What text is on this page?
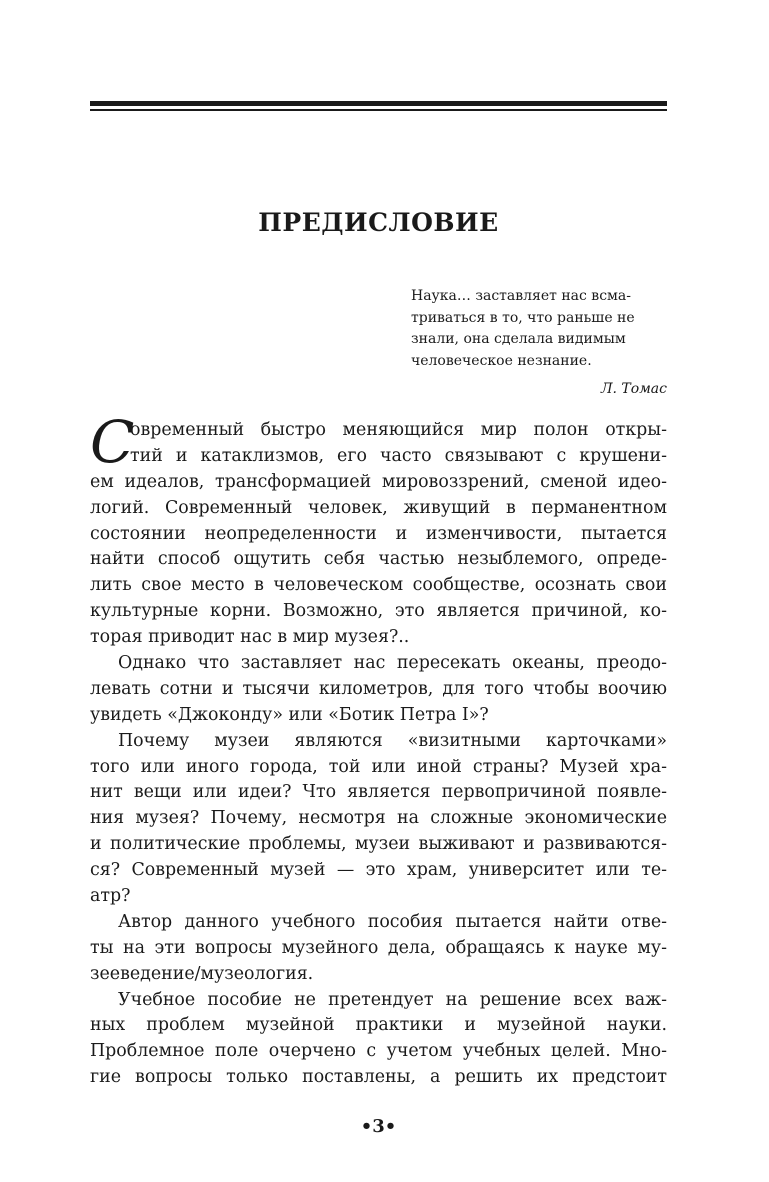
ПРЕДИСЛОВИЕ
Наука… заставляет нас всма-
триваться в то, что раньше не
знали, она сделала видимым
человеческое незнание.
Л. Томас
С
овременный быстро меняющийся мир полон откры-
тий и катаклизмов, его часто связывают с крушени-
ем идеалов, трансформацией мировоззрений, сменой идео-
логий. Современный человек, живущий в перманентном
состоянии неопределенности и изменчивости, пытается
найти способ ощутить себя частью незыблемого, опреде-
лить свое место в человеческом сообществе, осознать свои
культурные корни. Возможно, это является причиной, ко-
торая приводит нас в мир музея?..
Однако что заставляет нас пересекать океаны, преодо-
левать сотни и тысячи километров, для того чтобы воочию
увидеть «Джоконду» или «Ботик Петра I»?
Почему музеи являются «визитными карточками»
того или иного города, той или иной страны? Музей хра-
нит вещи или идеи? Что является первопричиной появле-
ния музея? Почему, несмотря на сложные экономические
и политические проблемы, музеи выживают и развиваются-
ся? Современный музей — это храм, университет или те-
атр?
Автор данного учебного пособия пытается найти отве-
ты на эти вопросы музейного дела, обращаясь к науке му-
зееведение/музеология.
Учебное пособие не претендует на решение всех важ-
ных проблем музейной практики и музейной науки.
Проблемное поле очерчено с учетом учебных целей. Мно-
гие вопросы только поставлены, а решить их предстоит
•3•
